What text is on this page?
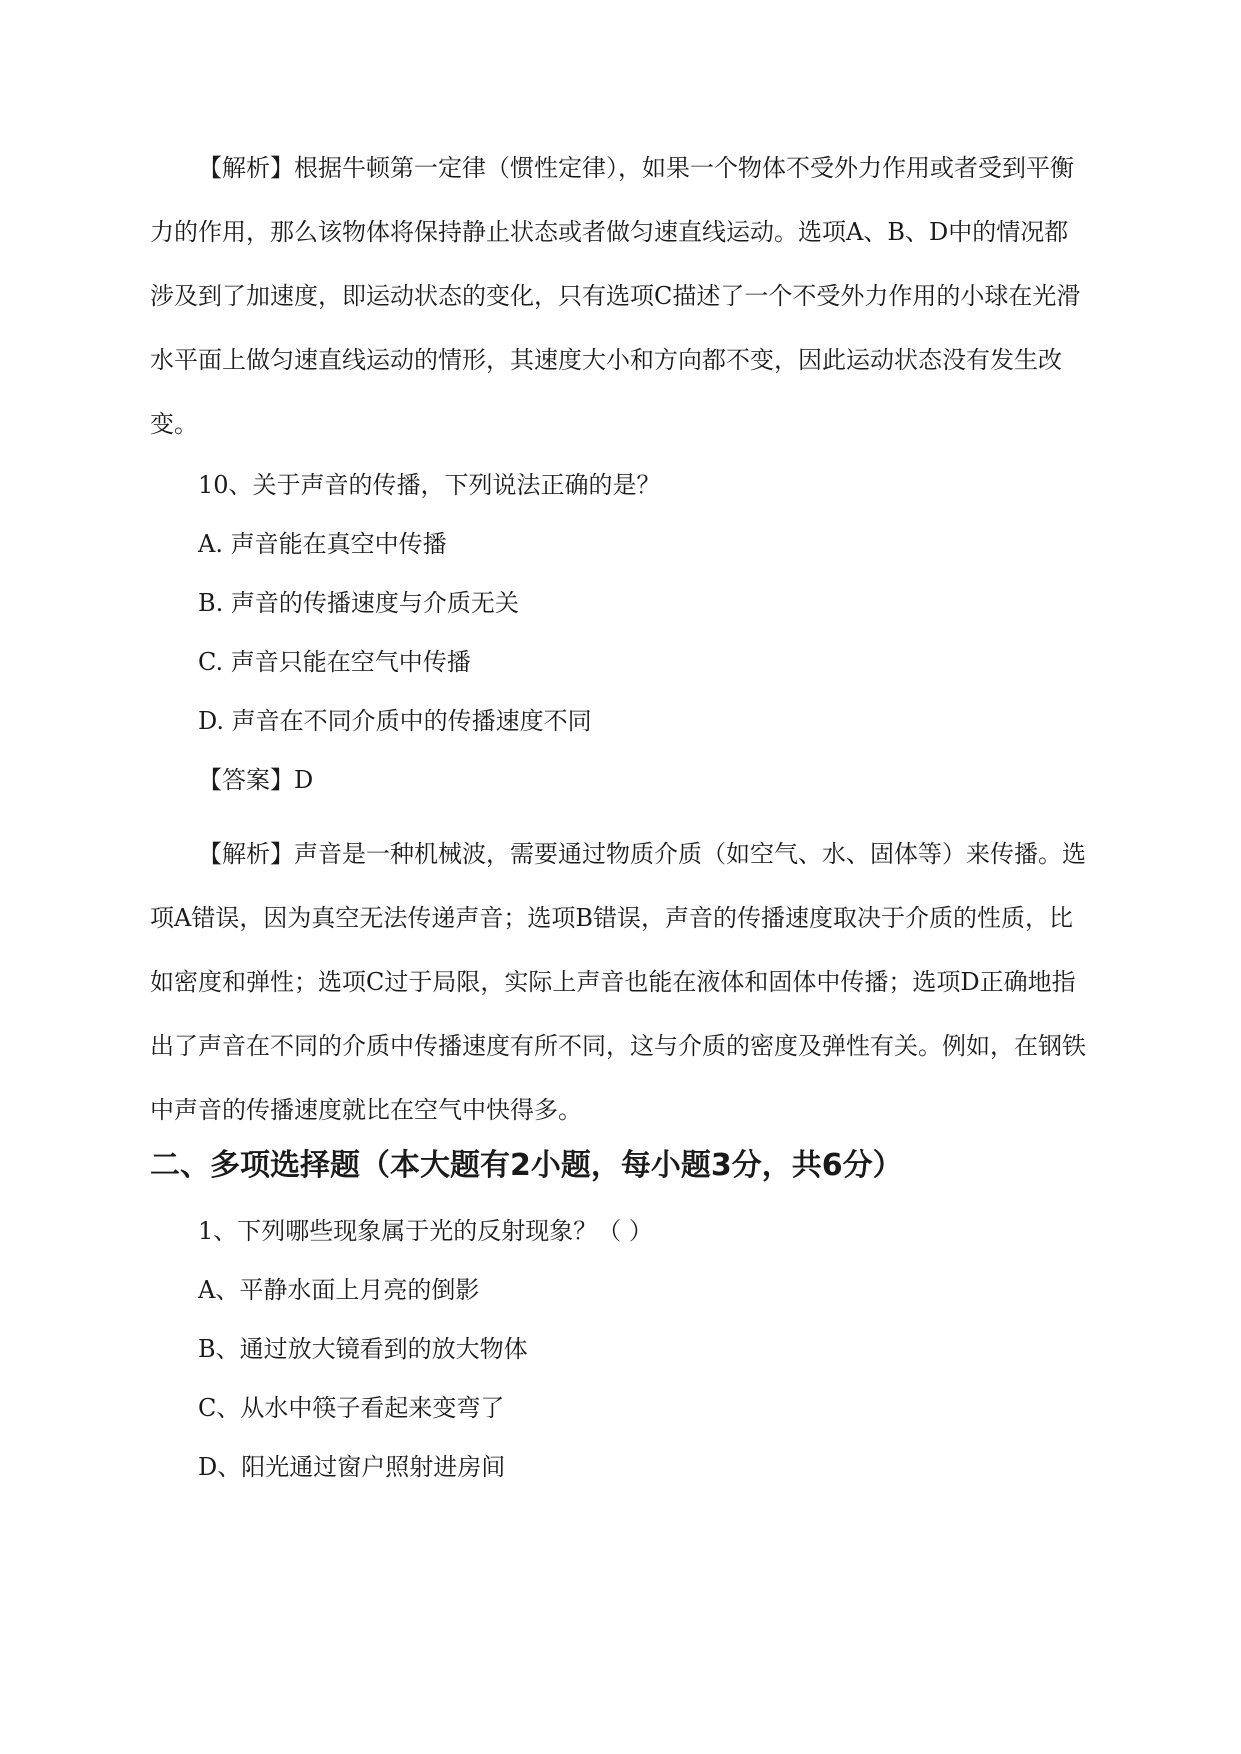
【解析】根据牛顿第一定律（惯性定律），如果一个物体不受外力作用或者受到平衡力的作用，那么该物体将保持静止状态或者做匀速直线运动。选项A、B、D中的情况都涉及到了加速度，即运动状态的变化，只有选项C描述了一个不受外力作用的小球在光滑水平面上做匀速直线运动的情形，其速度大小和方向都不变，因此运动状态没有发生改变。

10、关于声音的传播，下列说法正确的是？

A. 声音能在真空中传播

B. 声音的传播速度与介质无关

C. 声音只能在空气中传播

D. 声音在不同介质中的传播速度不同

【答案】D

【解析】声音是一种机械波，需要通过物质介质（如空气、水、固体等）来传播。选项A错误，因为真空无法传递声音；选项B错误，声音的传播速度取决于介质的性质，比如密度和弹性；选项C过于局限，实际上声音也能在液体和固体中传播；选项D正确地指出了声音在不同的介质中传播速度有所不同，这与介质的密度及弹性有关。例如，在钢铁中声音的传播速度就比在空气中快得多。

二、多项选择题（本大题有2小题，每小题3分，共6分）

1、下列哪些现象属于光的反射现象？（ ）

A、平静水面上月亮的倒影

B、通过放大镜看到的放大物体

C、从水中筷子看起来变弯了

D、阳光通过窗户照射进房间
